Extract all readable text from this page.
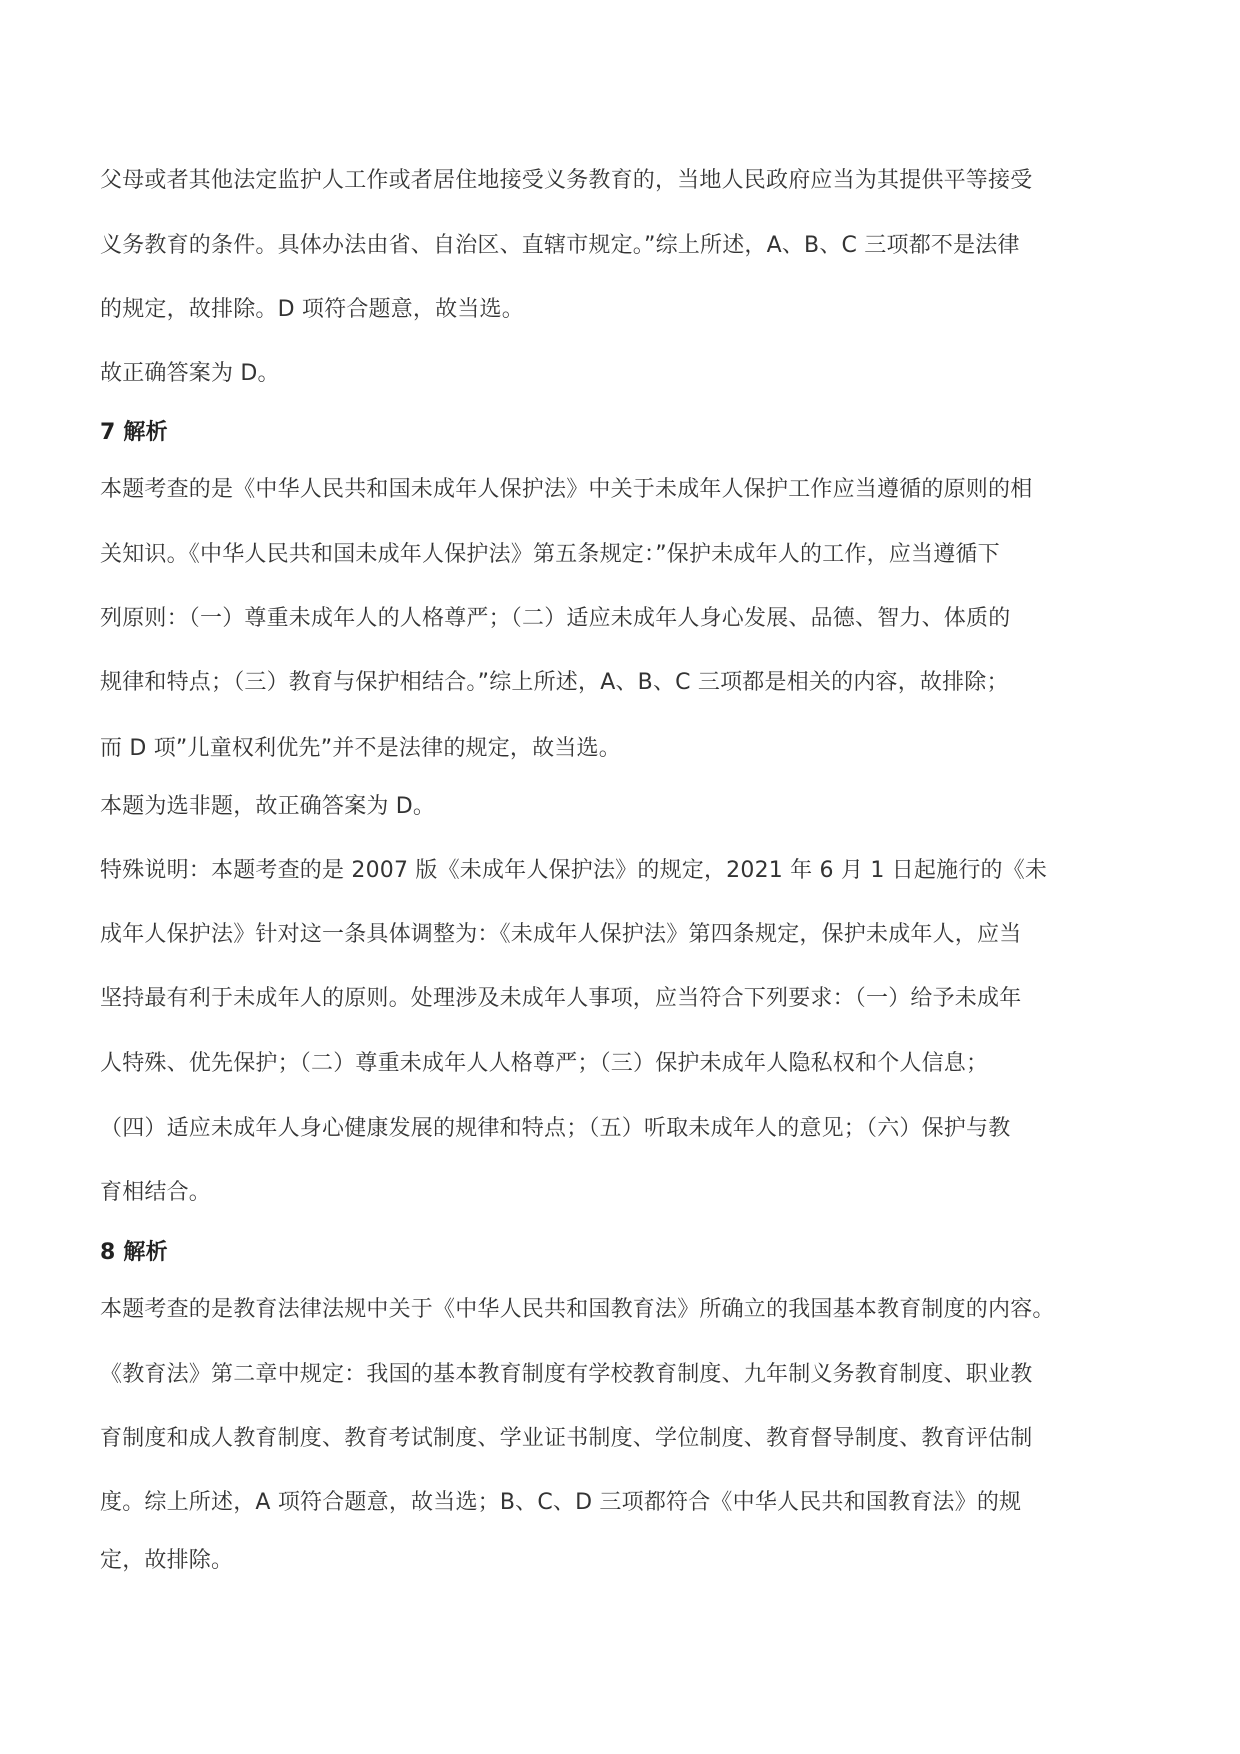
父母或者其他法定监护人工作或者居住地接受义务教育的，当地人民政府应当为其提供平等接受
义务教育的条件。具体办法由省、自治区、直辖市规定。”综上所述，A、B、C 三项都不是法律
的规定，故排除。D 项符合题意，故当选。
故正确答案为 D。
7 解析
本题考查的是《中华人民共和国未成年人保护法》中关于未成年人保护工作应当遵循的原则的相
关知识。《中华人民共和国未成年人保护法》第五条规定：”保护未成年人的工作，应当遵循下
列原则：（一）尊重未成年人的人格尊严；（二）适应未成年人身心发展、品德、智力、体质的
规律和特点；（三）教育与保护相结合。”综上所述，A、B、C 三项都是相关的内容，故排除；
而 D 项”儿童权利优先”并不是法律的规定，故当选。
本题为选非题，故正确答案为 D。
特殊说明：本题考查的是 2007 版《未成年人保护法》的规定，2021 年 6 月 1 日起施行的《未
成年人保护法》针对这一条具体调整为：《未成年人保护法》第四条规定，保护未成年人，应当
坚持最有利于未成年人的原则。处理涉及未成年人事项，应当符合下列要求：（一）给予未成年
人特殊、优先保护；（二）尊重未成年人人格尊严；（三）保护未成年人隐私权和个人信息；
（四）适应未成年人身心健康发展的规律和特点；（五）听取未成年人的意见；（六）保护与教
育相结合。
8 解析
本题考查的是教育法律法规中关于《中华人民共和国教育法》所确立的我国基本教育制度的内容。
《教育法》第二章中规定：我国的基本教育制度有学校教育制度、九年制义务教育制度、职业教
育制度和成人教育制度、教育考试制度、学业证书制度、学位制度、教育督导制度、教育评估制
度。综上所述，A 项符合题意，故当选；B、C、D 三项都符合《中华人民共和国教育法》的规
定，故排除。
